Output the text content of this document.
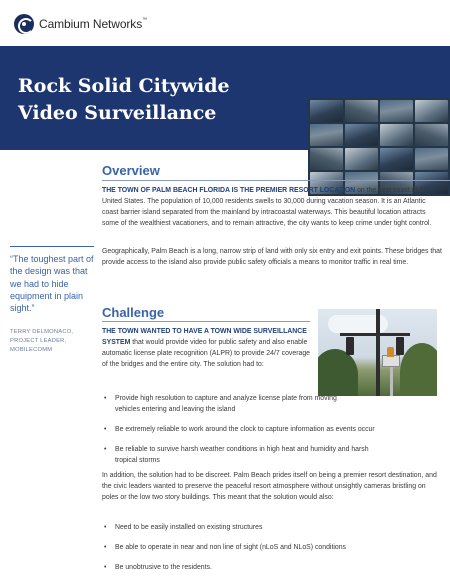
Cambium Networks™
Rock Solid Citywide
Video Surveillance
Overview
THE TOWN OF PALM BEACH FLORIDA IS THE PREMIER RESORT LOCATION on the east coast of the United States. The population of 10,000 residents swells to 30,000 during vacation season. It is an Atlantic coast barrier island separated from the mainland by intracoastal waterways. This beautiful location attracts some of the wealthiest vacationers, and to remain attractive, the city wants to keep crime under tight control.
Geographically, Palm Beach is a long, narrow strip of land with only six entry and exit points. These bridges that provide access to the island also provide public safety officials a means to monitor traffic in real time.
“The toughest part of the design was that we had to hide equipment in plain sight.”
TERRY DELMONACO,
PROJECT LEADER,
MOBILECOMM
Challenge
THE TOWN WANTED TO HAVE A TOWN WIDE SURVEILLANCE SYSTEM that would provide video for public safety and also enable automatic license plate recognition (ALPR) to provide 24/7 coverage of the bridges and the entire city. The solution had to:
• Provide high resolution to capture and analyze license plate from moving vehicles entering and leaving the island
• Be extremely reliable to work around the clock to capture information as events occur
• Be reliable to survive harsh weather conditions in high heat and humidity and harsh tropical storms
In addition, the solution had to be discreet. Palm Beach prides itself on being a premier resort destination, and the civic leaders wanted to preserve the peaceful resort atmosphere without unsightly cameras bristling on poles or the low two story buildings. This meant that the solution would also:
• Need to be easily installed on existing structures
• Be able to operate in near and non line of sight (nLoS and NLoS) conditions
• Be unobtrusive to the residents.
